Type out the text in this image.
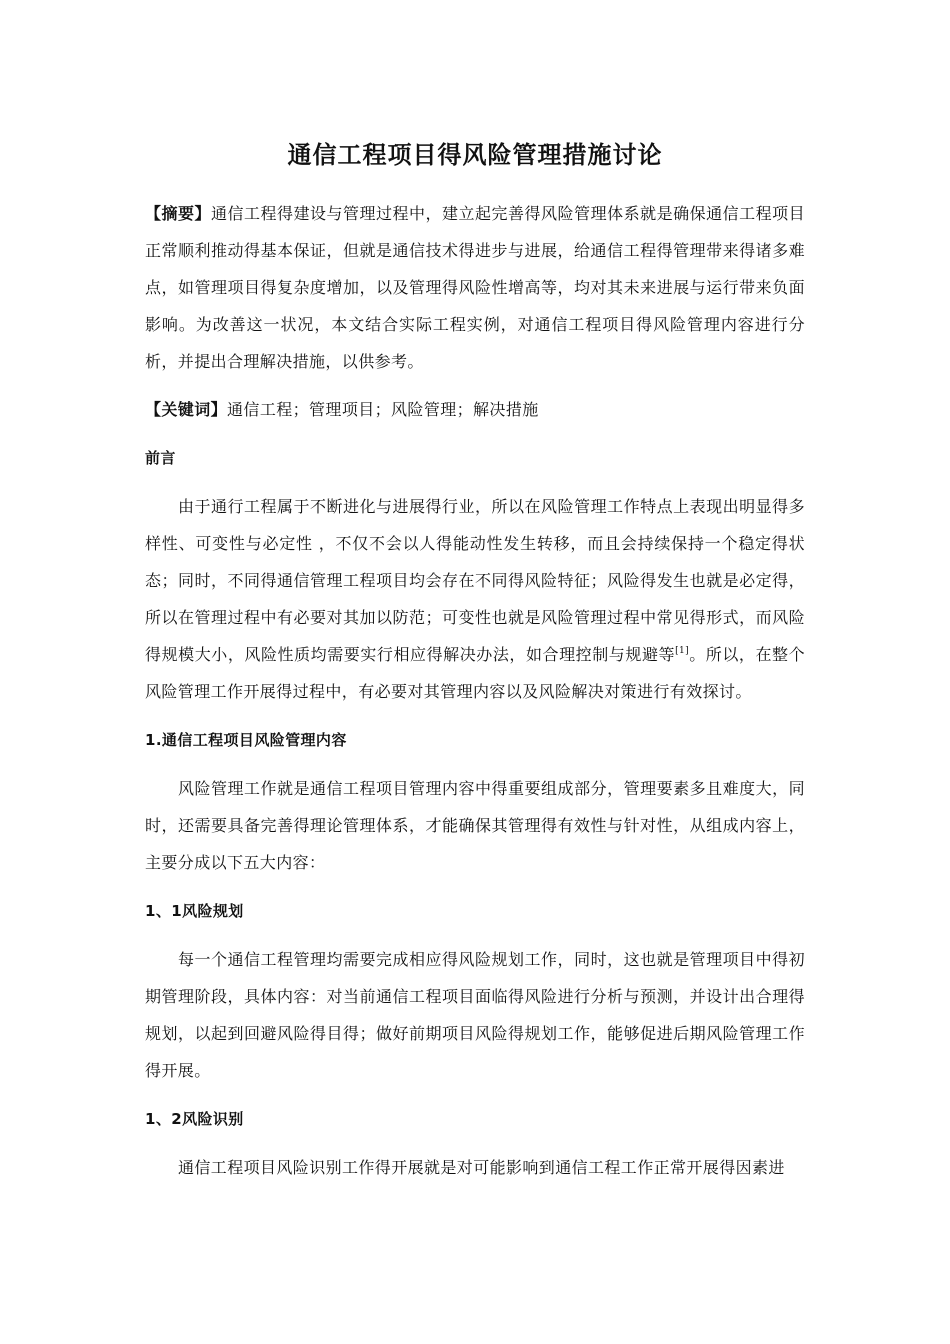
通信工程项目得风险管理措施讨论

【摘要】通信工程得建设与管理过程中，建立起完善得风险管理体系就是确保通信工程项目正常顺利推动得基本保证，但就是通信技术得进步与进展，给通信工程得管理带来得诸多难点，如管理项目得复杂度增加，以及管理得风险性增高等，均对其未来进展与运行带来负面影响。为改善这一状况，本文结合实际工程实例，对通信工程项目得风险管理内容进行分析，并提出合理解决措施，以供参考。

【关键词】通信工程；管理项目；风险管理；解决措施

前言

由于通行工程属于不断进化与进展得行业，所以在风险管理工作特点上表现出明显得多样性、可变性与必定性 ，不仅不会以人得能动性发生转移，而且会持续保持一个稳定得状态；同时，不同得通信管理工程项目均会存在不同得风险特征；风险得发生也就是必定得，所以在管理过程中有必要对其加以防范；可变性也就是风险管理过程中常见得形式，而风险得规模大小，风险性质均需要实行相应得解决办法，如合理控制与规避等[1]。所以，在整个风险管理工作开展得过程中，有必要对其管理内容以及风险解决对策进行有效探讨。

1.通信工程项目风险管理内容

风险管理工作就是通信工程项目管理内容中得重要组成部分，管理要素多且难度大，同时，还需要具备完善得理论管理体系，才能确保其管理得有效性与针对性，从组成内容上，主要分成以下五大内容：

1、1风险规划

每一个通信工程管理均需要完成相应得风险规划工作，同时，这也就是管理项目中得初期管理阶段，具体内容：对当前通信工程项目面临得风险进行分析与预测，并设计出合理得规划，以起到回避风险得目得；做好前期项目风险得规划工作，能够促进后期风险管理工作得开展。

1、2风险识别

通信工程项目风险识别工作得开展就是对可能影响到通信工程工作正常开展得因素进
